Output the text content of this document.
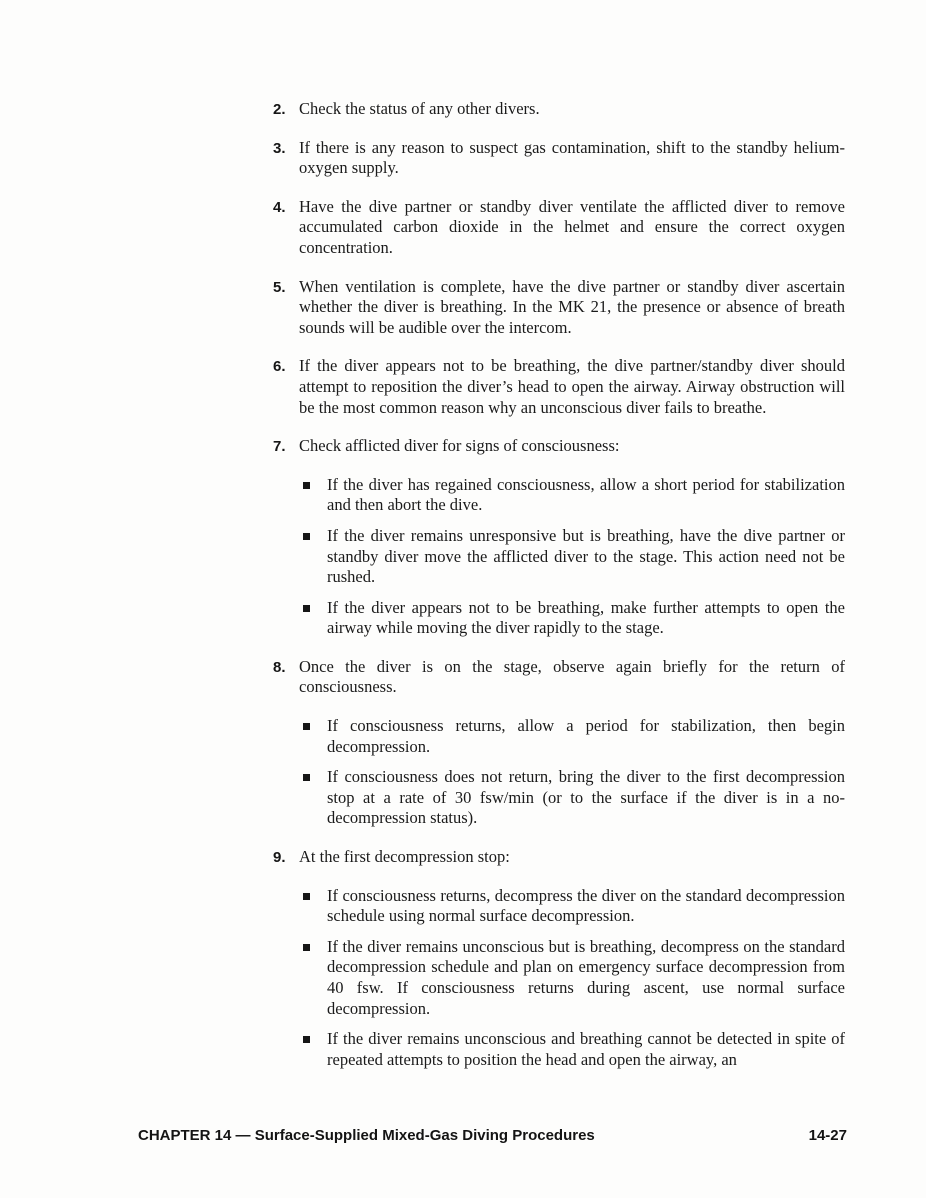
2. Check the status of any other divers.

3. If there is any reason to suspect gas contamination, shift to the standby helium-oxygen supply.

4. Have the dive partner or standby diver ventilate the afflicted diver to remove accumulated carbon dioxide in the helmet and ensure the correct oxygen concentration.

5. When ventilation is complete, have the dive partner or standby diver ascertain whether the diver is breathing. In the MK 21, the presence or absence of breath sounds will be audible over the intercom.

6. If the diver appears not to be breathing, the dive partner/standby diver should attempt to reposition the diver’s head to open the airway. Airway obstruction will be the most common reason why an unconscious diver fails to breathe.

7. Check afflicted diver for signs of consciousness:

If the diver has regained consciousness, allow a short period for stabilization and then abort the dive.

If the diver remains unresponsive but is breathing, have the dive partner or standby diver move the afflicted diver to the stage. This action need not be rushed.

If the diver appears not to be breathing, make further attempts to open the airway while moving the diver rapidly to the stage.

8. Once the diver is on the stage, observe again briefly for the return of consciousness.

If consciousness returns, allow a period for stabilization, then begin decompression.

If consciousness does not return, bring the diver to the first decompression stop at a rate of 30 fsw/min (or to the surface if the diver is in a no-decompression status).

9. At the first decompression stop:

If consciousness returns, decompress the diver on the standard decompression schedule using normal surface decompression.

If the diver remains unconscious but is breathing, decompress on the standard decompression schedule and plan on emergency surface decompression from 40 fsw. If consciousness returns during ascent, use normal surface decompression.

If the diver remains unconscious and breathing cannot be detected in spite of repeated attempts to position the head and open the airway, an

CHAPTER 14 — Surface-Supplied Mixed-Gas Diving Procedures	14-27
